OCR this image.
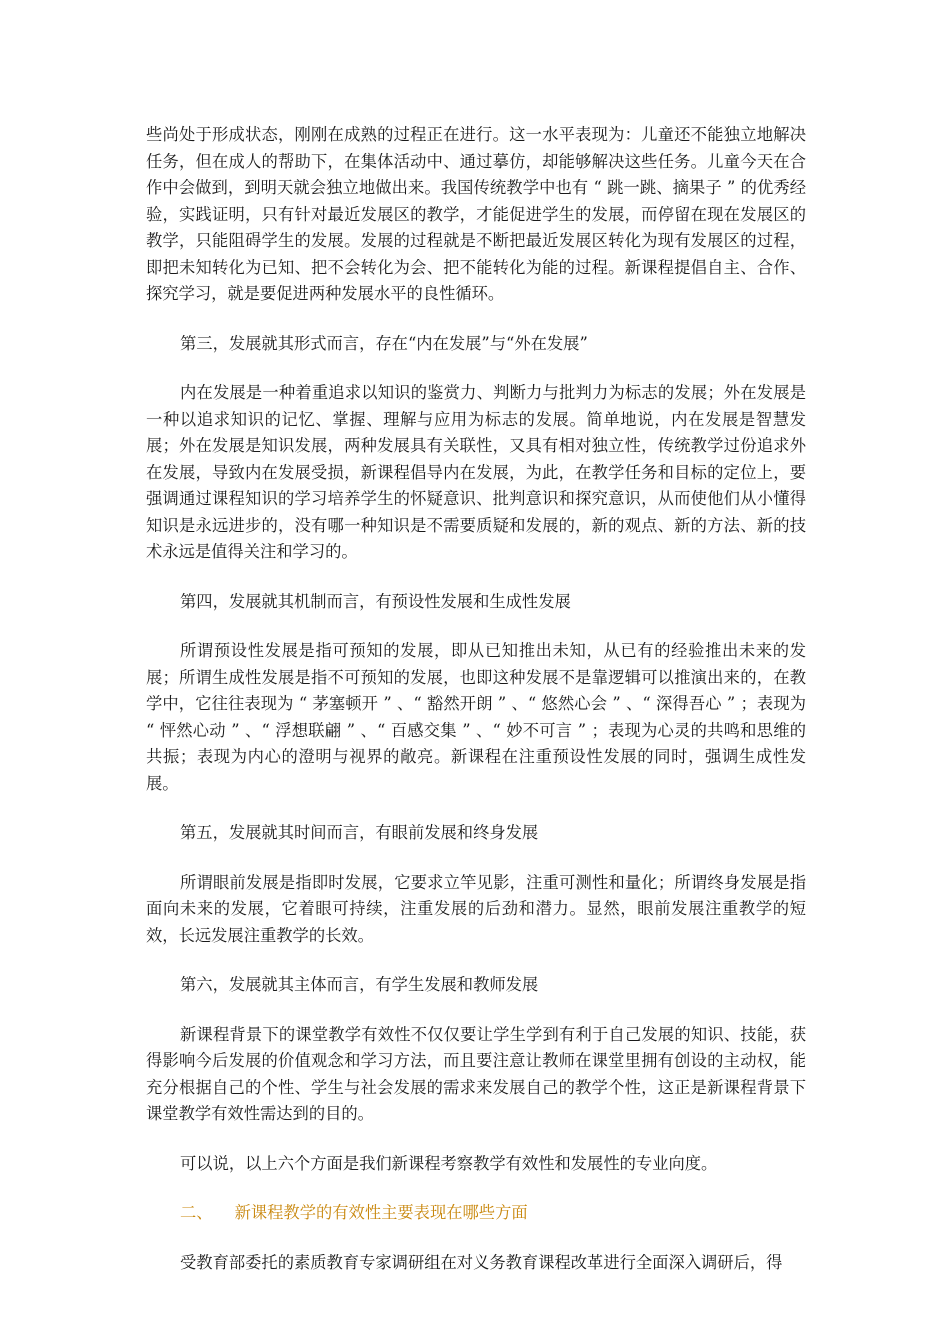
些尚处于形成状态，刚刚在成熟的过程正在进行。这一水平表现为：儿童还不能独立地解决任务，但在成人的帮助下，在集体活动中、通过摹仿，却能够解决这些任务。儿童今天在合作中会做到，到明天就会独立地做出来。我国传统教学中也有 “ 跳一跳、摘果子 ” 的优秀经验，实践证明，只有针对最近发展区的教学，才能促进学生的发展，而停留在现在发展区的教学，只能阻碍学生的发展。发展的过程就是不断把最近发展区转化为现有发展区的过程，即把未知转化为已知、把不会转化为会、把不能转化为能的过程。新课程提倡自主、合作、探究学习，就是要促进两种发展水平的良性循环。

第三，发展就其形式而言，存在“内在发展”与“外在发展”

内在发展是一种着重追求以知识的鉴赏力、判断力与批判力为标志的发展；外在发展是一种以追求知识的记忆、掌握、理解与应用为标志的发展。简单地说，内在发展是智慧发展；外在发展是知识发展，两种发展具有关联性，又具有相对独立性，传统教学过份追求外在发展，导致内在发展受损，新课程倡导内在发展，为此，在教学任务和目标的定位上，要强调通过课程知识的学习培养学生的怀疑意识、批判意识和探究意识，从而使他们从小懂得知识是永远进步的，没有哪一种知识是不需要质疑和发展的，新的观点、新的方法、新的技术永远是值得关注和学习的。

第四，发展就其机制而言，有预设性发展和生成性发展

所谓预设性发展是指可预知的发展，即从已知推出未知，从已有的经验推出未来的发展；所谓生成性发展是指不可预知的发展，也即这种发展不是靠逻辑可以推演出来的，在教学中，它往往表现为 “ 茅塞顿开 ” 、“ 豁然开朗 ” 、“ 悠然心会 ” 、“ 深得吾心 ” ；表现为 “ 怦然心动 ” 、“ 浮想联翩 ” 、“ 百感交集 ” 、“ 妙不可言 ” ；表现为心灵的共鸣和思维的共振；表现为内心的澄明与视界的敞亮。新课程在注重预设性发展的同时，强调生成性发展。

第五，发展就其时间而言，有眼前发展和终身发展

所谓眼前发展是指即时发展，它要求立竿见影，注重可测性和量化；所谓终身发展是指面向未来的发展，它着眼可持续，注重发展的后劲和潜力。显然，眼前发展注重教学的短效，长远发展注重教学的长效。

第六，发展就其主体而言，有学生发展和教师发展

新课程背景下的课堂教学有效性不仅仅要让学生学到有利于自己发展的知识、技能，获得影响今后发展的价值观念和学习方法，而且要注意让教师在课堂里拥有创设的主动权，能充分根据自己的个性、学生与社会发展的需求来发展自己的教学个性，这正是新课程背景下课堂教学有效性需达到的目的。

可以说，以上六个方面是我们新课程考察教学有效性和发展性的专业向度。

二、 新课程教学的有效性主要表现在哪些方面

受教育部委托的素质教育专家调研组在对义务教育课程改革进行全面深入调研后，得
